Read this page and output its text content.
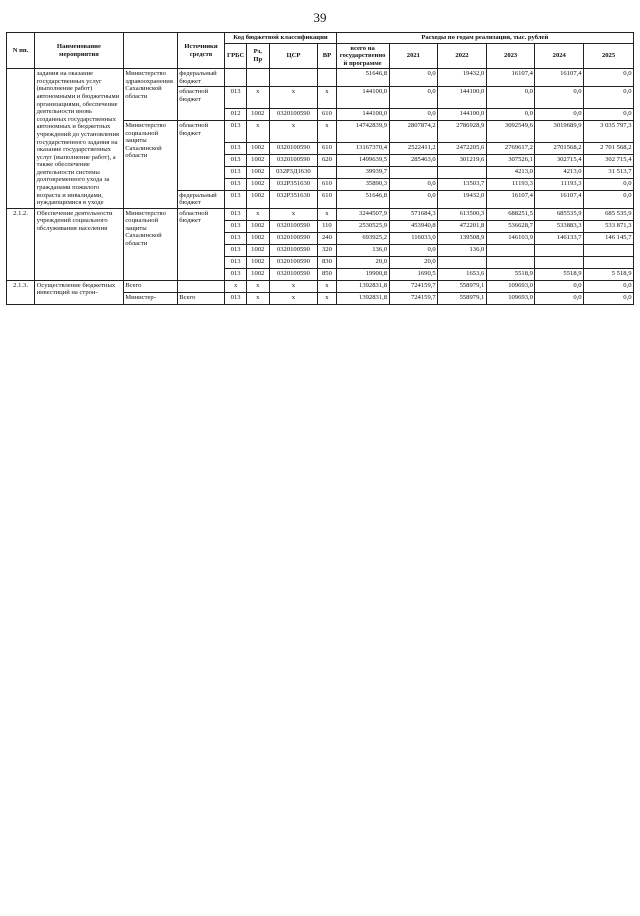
39
N пп.	Наименование мероприятия		Источники средств	Код бюджетной классификации				Расходы по годам реализации, тыс. рублей					
				ГРБС	Рз, Пр	ЦСР	ВР	всего на государственной программе	2021	2022	2023	2024	2025
	задания на оказание государственных услуг (выполнение работ) автономными и бюджетными организациями, обеспечение деятельности вновь созданных государственных автономных и бюджетных учреждений до установления государственного задания на оказание государственных услуг (выполнение работ), а также обеспечение деятельности системы долговременного ухода за гражданами пожилого возраста и инвалидами, нуждающимися в уходе	Министерство здравоохранения Сахалинской области	федеральный бюджет					51646,8	0,0	19432,0	16107,4	16107,4	0,0
			областной бюджет	013	x	x	x	144100,0	0,0	144100,0	0,0	0,0	0,0
				012	1002	0320100590	610	144100,0	0,0	144100,0	0,0	0,0	0,0
		Министерство социальной защиты Сахалинской области	областной бюджет	013	x	x	x	14742839,9	2807874,2	2786928,9	3092549,6	3019689,9	3 035 797,3
				013	1002	0320100590	610	13167370,4	2522411,2	2472205,6	2769617,2	2701568,2	2 701 568,2
				013	1002	0320100590	620	1499639,5	285463,0	301219,6	307526,1	302715,4	302 715,4
				013	1002	032Р3Д1630		39939,7			4213,0	4213,0	31 513,7
				013	1002	032Р351630	610	35890,3	0,0	13503,7	11193,3	11193,3	0,0
			федеральный бюджет	013	1002	032Р351630	610	51646,8	0,0	19432,0	16107,4	16107,4	0,0
2.1.2.	Обеспечение деятельности учреждений социального обслуживания населения	Министерство социальной защиты Сахалинской области	областной бюджет	013	x	x	x	3244507,9	571684,3	613500,3	688251,5	685535,9	685 535,9
				013	1002	0320100590	110	2530525,9	453940,8	472201,8	536628,7	533883,3	533 871,3
				013	1002	0320100590	240	693925,2	116033,0	139508,9	146103,9	146133,7	146 145,7
				013	1002	0320100590	320	136,0	0,0	136,0			
				013	1002	0320100590	830	20,0	20,0				
				013	1002	0320100590	850	19900,8	1690,5	1653,6	5518,9	5518,9	5 518,9
2.1.3.	Осуществление бюджетных инвестиций на строи-	Всего		x	x	x	x	1392831,8	724159,7	558979,1	109693,0	0,0	0,0
		Министер-	Всего	013	x	x	x	1392831,8	724159,7	558979,1	109693,0	0,0	0,0
